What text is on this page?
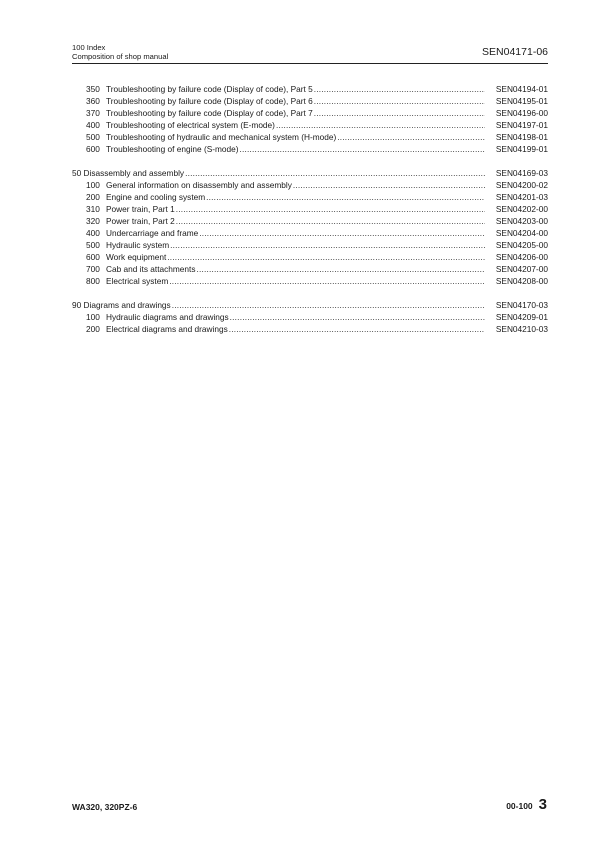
100 Index
Composition of shop manual	SEN04171-06
350 Troubleshooting by failure code (Display of code), Part 5 .....	SEN04194-01
360 Troubleshooting by failure code (Display of code), Part 6 .....	SEN04195-01
370 Troubleshooting by failure code (Display of code), Part 7 .....	SEN04196-00
400 Troubleshooting of electrical system (E-mode) .....	SEN04197-01
500 Troubleshooting of hydraulic and mechanical system (H-mode) .....	SEN04198-01
600 Troubleshooting of engine (S-mode) .....	SEN04199-01
50 Disassembly and assembly .....	SEN04169-03
100 General information on disassembly and assembly .....	SEN04200-02
200 Engine and cooling system .....	SEN04201-03
310 Power train, Part 1 .....	SEN04202-00
320 Power train, Part 2 .....	SEN04203-00
400 Undercarriage and frame .....	SEN04204-00
500 Hydraulic system .....	SEN04205-00
600 Work equipment .....	SEN04206-00
700 Cab and its attachments .....	SEN04207-00
800 Electrical system .....	SEN04208-00
90 Diagrams and drawings .....	SEN04170-03
100 Hydraulic diagrams and drawings .....	SEN04209-01
200 Electrical diagrams and drawings .....	SEN04210-03
WA320, 320PZ-6	00-100 3
